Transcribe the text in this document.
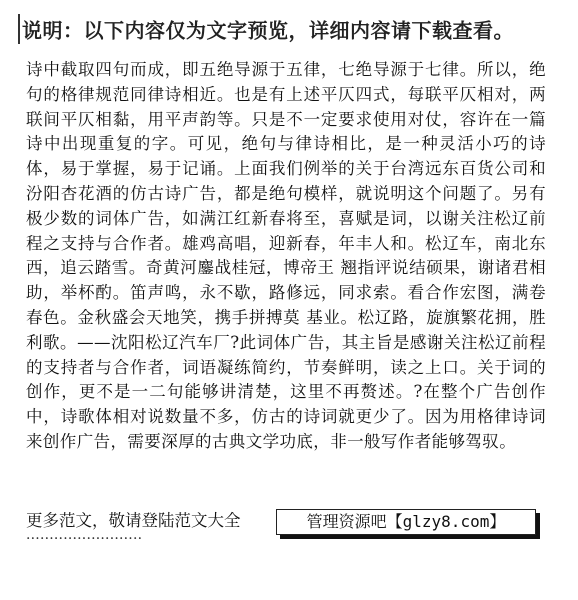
说明：以下内容仅为文字预览，详细内容请下载查看。

诗中截取四句而成，即五绝导源于五律，七绝导源于七律。所以，绝句的格律规范同律诗相近。也是有上述平仄四式，每联平仄相对，两联间平仄相黏，用平声韵等。只是不一定要求使用对仗，容许在一篇诗中出现重复的字。可见，绝句与律诗相比，是一种灵活小巧的诗体，易于掌握，易于记诵。上面我们例举的关于台湾远东百货公司和汾阳杏花酒的仿古诗广告，都是绝句模样，就说明这个问题了。另有极少数的词体广告，如满江红新春将至，喜赋是词，以谢关注松辽前程之支持与合作者。雄鸡高唱，迎新春，年丰人和。松辽车，南北东西，追云踏雪。奇黄河鏖战桂冠，博帝王 翘指评说结硕果，谢诸君相助，举杯酌。笛声鸣，永不歇，路修远，同求索。看合作宏图，满卷春色。金秋盛会天地笑，携手拼搏莫 基业。松辽路，旋旗繁花拥，胜利歌。——沈阳松辽汽车厂?此词体广告，其主旨是感谢关注松辽前程的支持者与合作者，词语凝练简约，节奏鲜明，读之上口。关于词的创作，更不是一二句能够讲清楚，这里不再赘述。?在整个广告创作中，诗歌体相对说数量不多，仿古的诗词就更少了。因为用格律诗词来创作广告，需要深厚的古典文学功底，非一般写作者能够驾驭。

更多范文，敬请登陆范文大全
·························
管理资源吧【glzy8.com】
